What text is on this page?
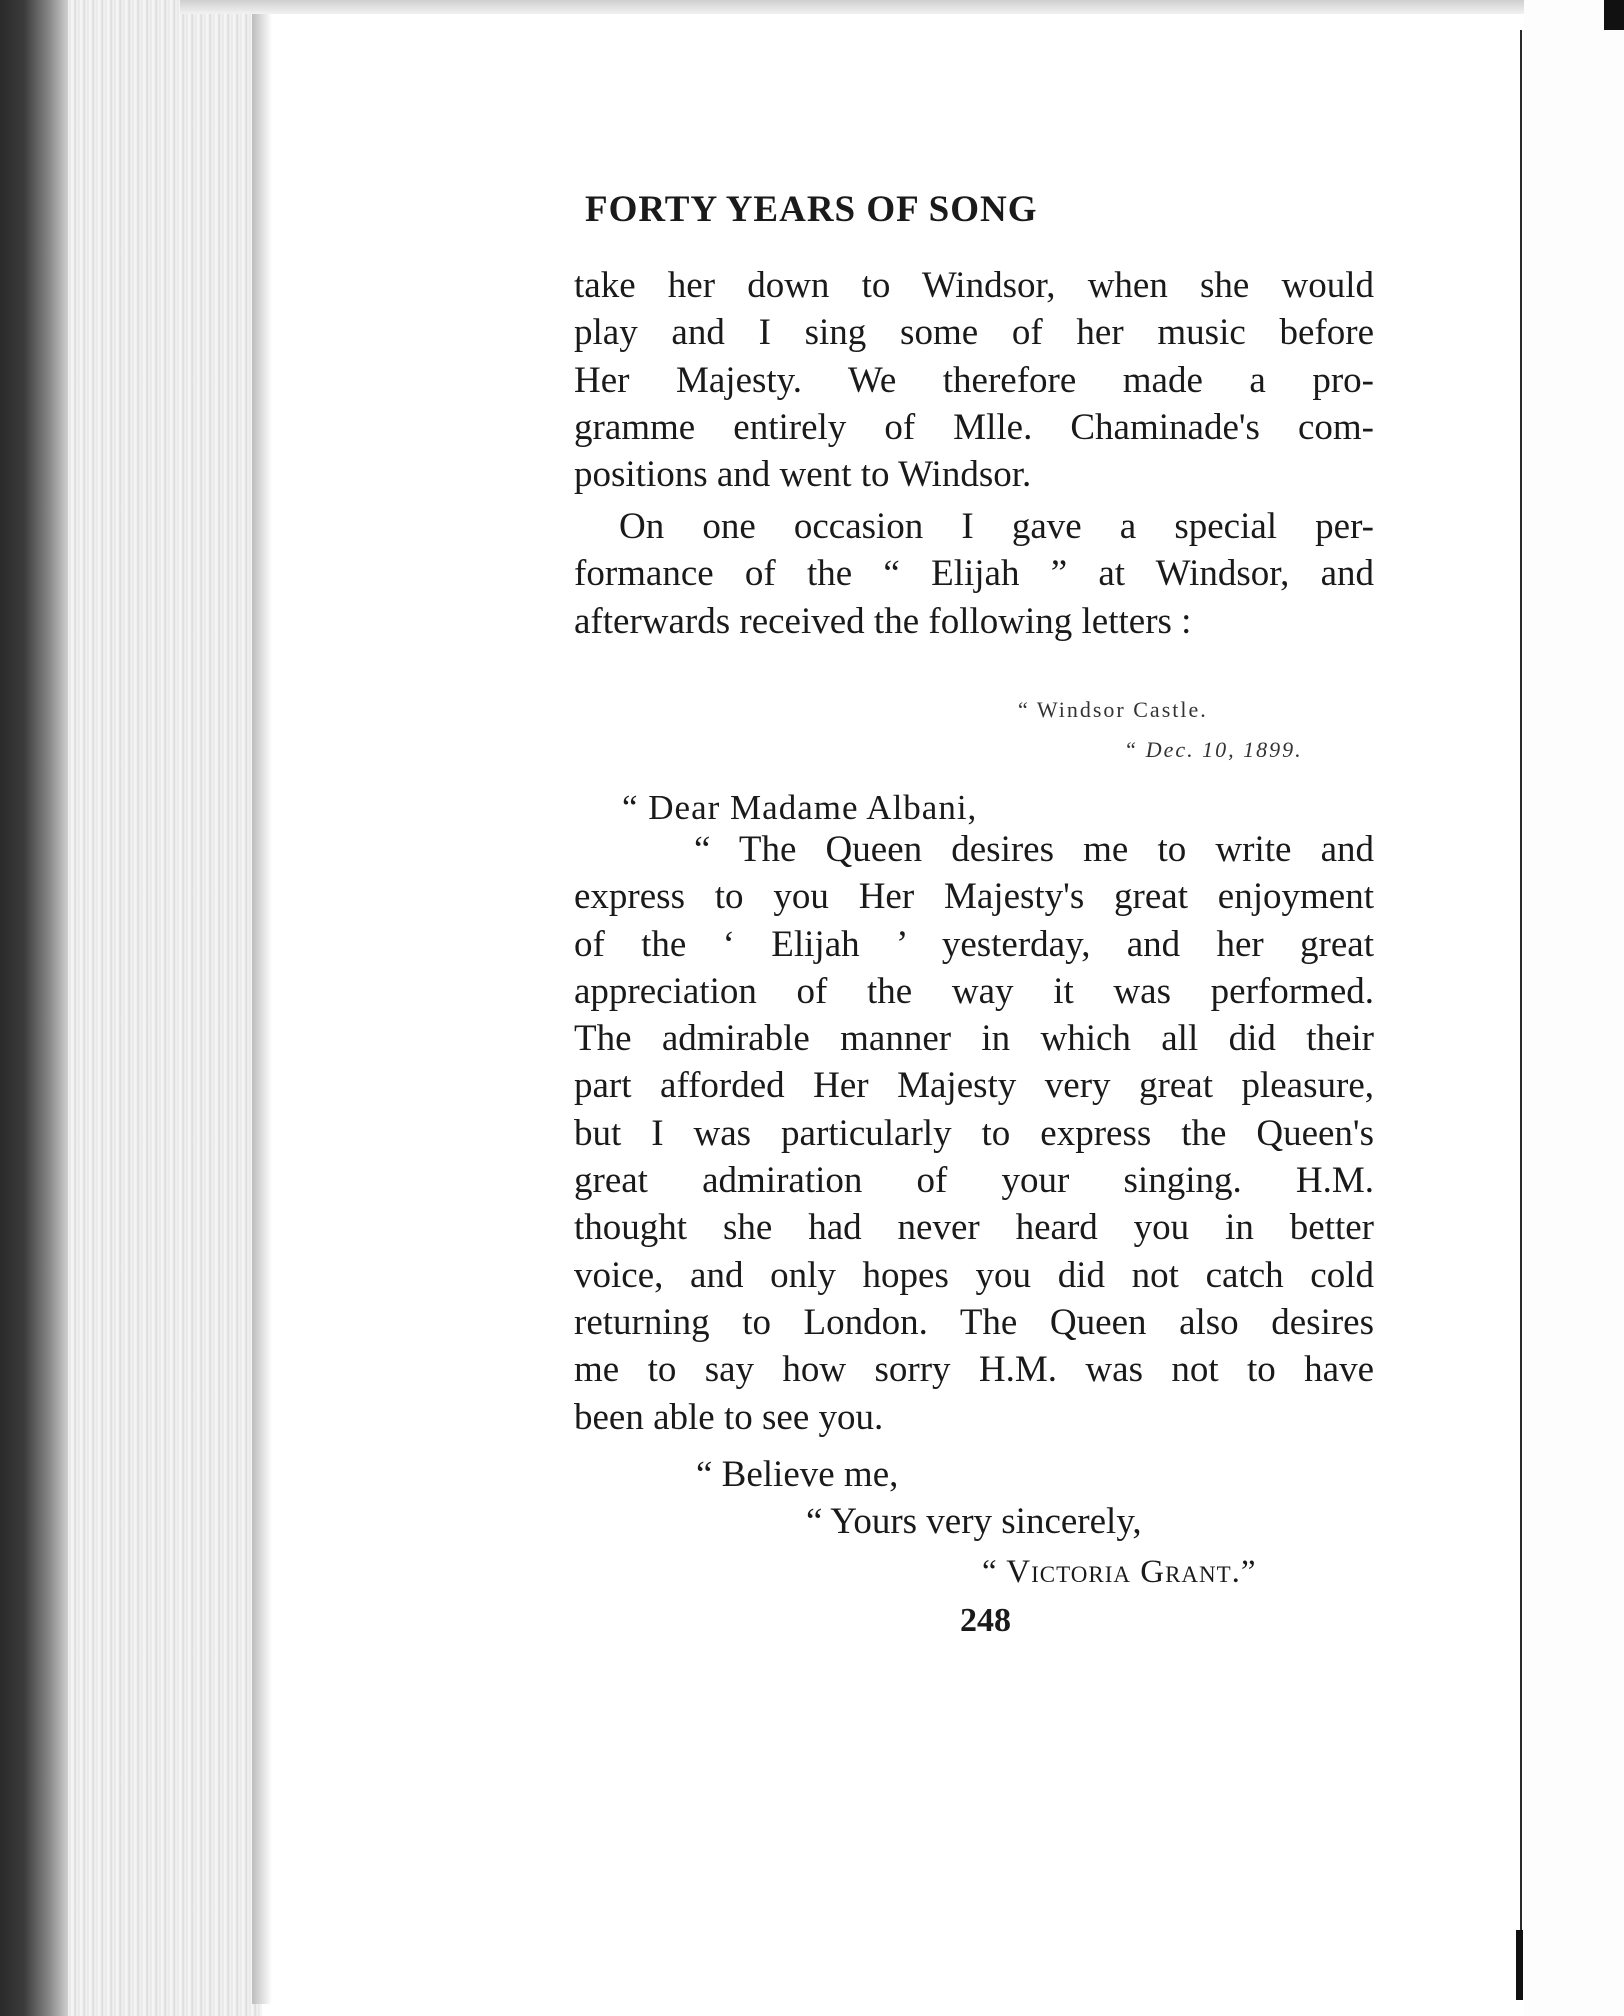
FORTY YEARS OF SONG
take her down to Windsor, when she would
play and I sing some of her music before
Her Majesty. We therefore made a pro-
gramme entirely of Mlle. Chaminade's com-
positions and went to Windsor.
On one occasion I gave a special per-
formance of the “ Elijah ” at Windsor, and
afterwards received the following letters :
“ Windsor Castle.
“ Dec. 10, 1899.
“ Dear Madame Albani,
“ The Queen desires me to write and
express to you Her Majesty's great enjoyment
of the ‘ Elijah ’ yesterday, and her great
appreciation of the way it was performed.
The admirable manner in which all did their
part afforded Her Majesty very great pleasure,
but I was particularly to express the Queen's
great admiration of your singing. H.M.
thought she had never heard you in better
voice, and only hopes you did not catch cold
returning to London. The Queen also desires
me to say how sorry H.M. was not to have
been able to see you.
“ Believe me,
“ Yours very sincerely,
“ Victoria Grant.”
248
